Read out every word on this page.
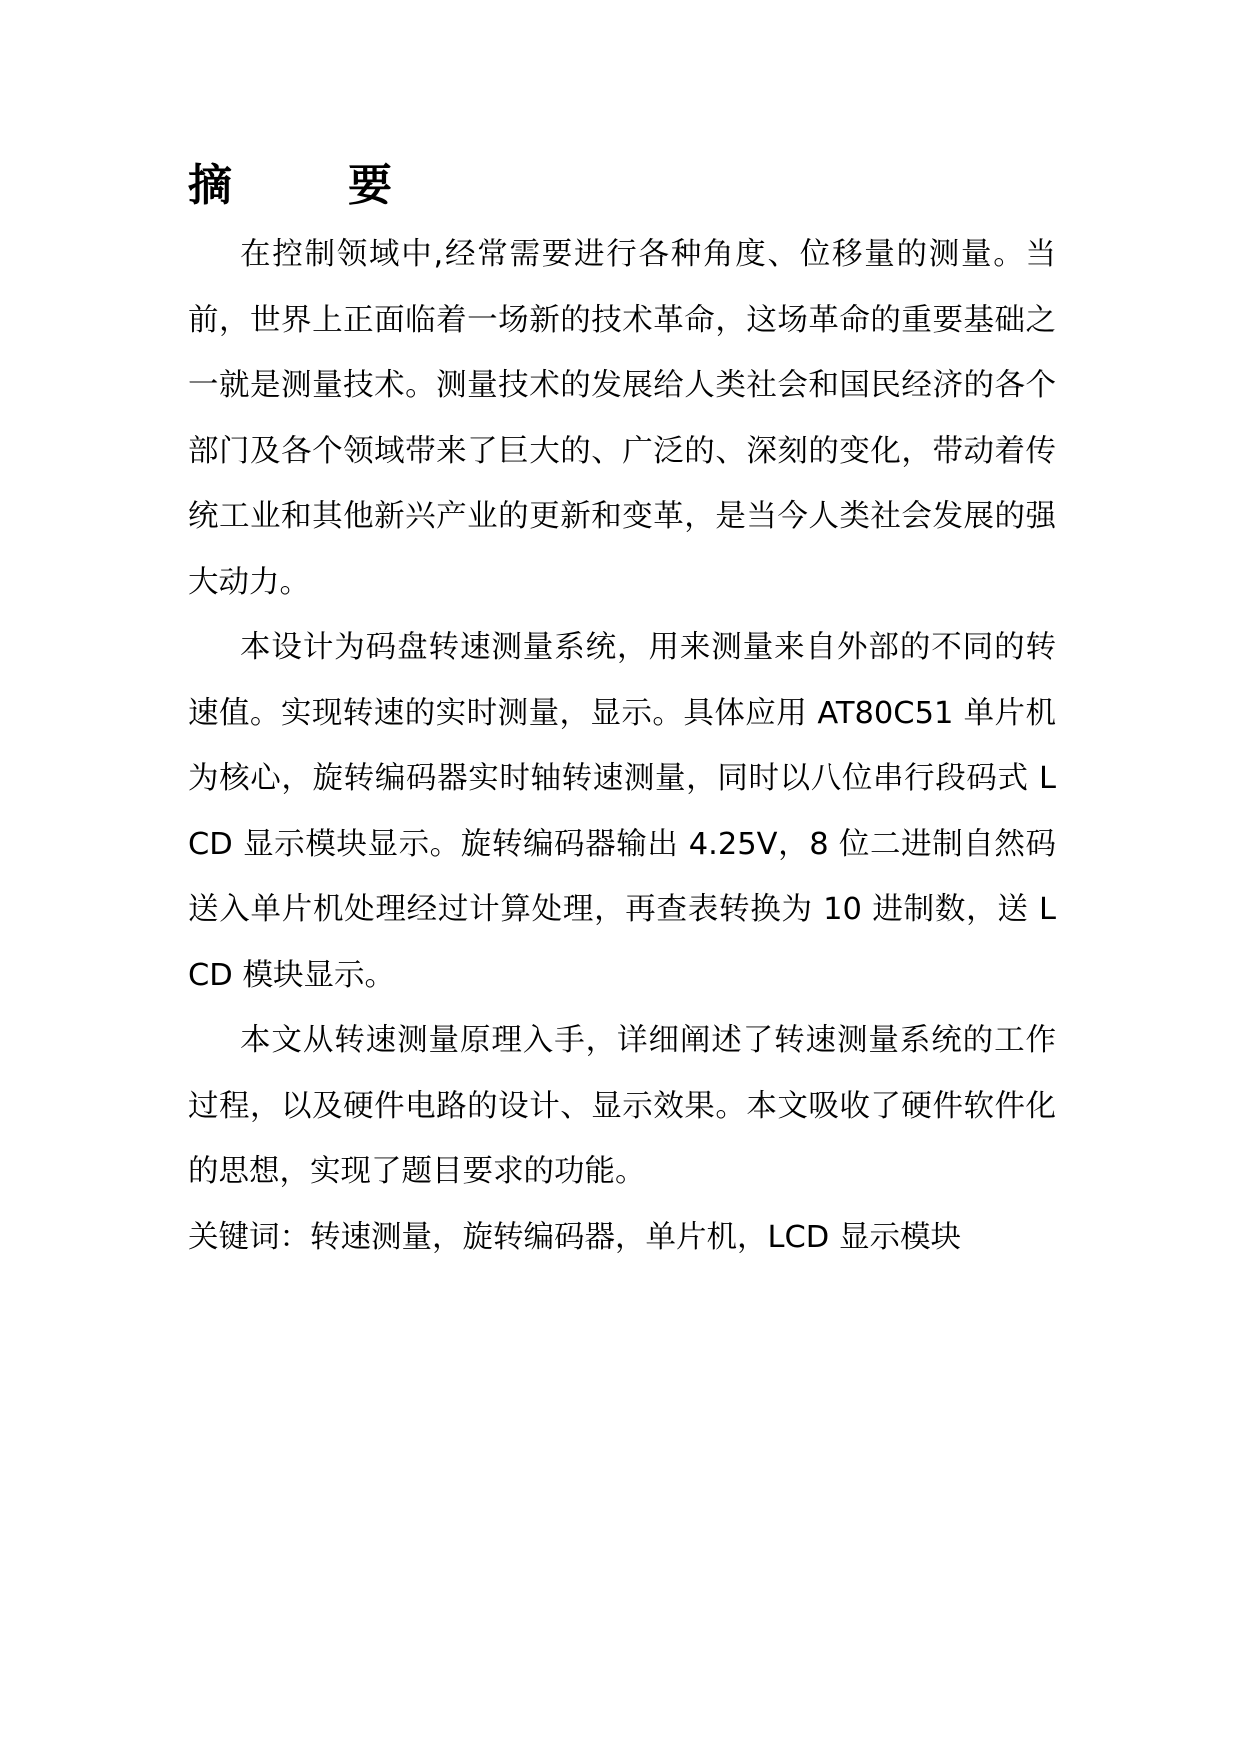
摘　要

在控制领域中,经常需要进行各种角度、位移量的测量。当前，世界上正面临着一场新的技术革命，这场革命的重要基础之一就是测量技术。测量技术的发展给人类社会和国民经济的各个部门及各个领域带来了巨大的、广泛的、深刻的变化，带动着传统工业和其他新兴产业的更新和变革，是当今人类社会发展的强大动力。

本设计为码盘转速测量系统，用来测量来自外部的不同的转速值。实现转速的实时测量，显示。具体应用 AT80C51 单片机为核心，旋转编码器实时轴转速测量，同时以八位串行段码式 LCD 显示模块显示。旋转编码器输出 4.25V，8 位二进制自然码送入单片机处理经过计算处理，再查表转换为 10 进制数，送 LCD 模块显示。

本文从转速测量原理入手，详细阐述了转速测量系统的工作过程，以及硬件电路的设计、显示效果。本文吸收了硬件软件化的思想，实现了题目要求的功能。

关键词：转速测量，旋转编码器，单片机，LCD 显示模块
